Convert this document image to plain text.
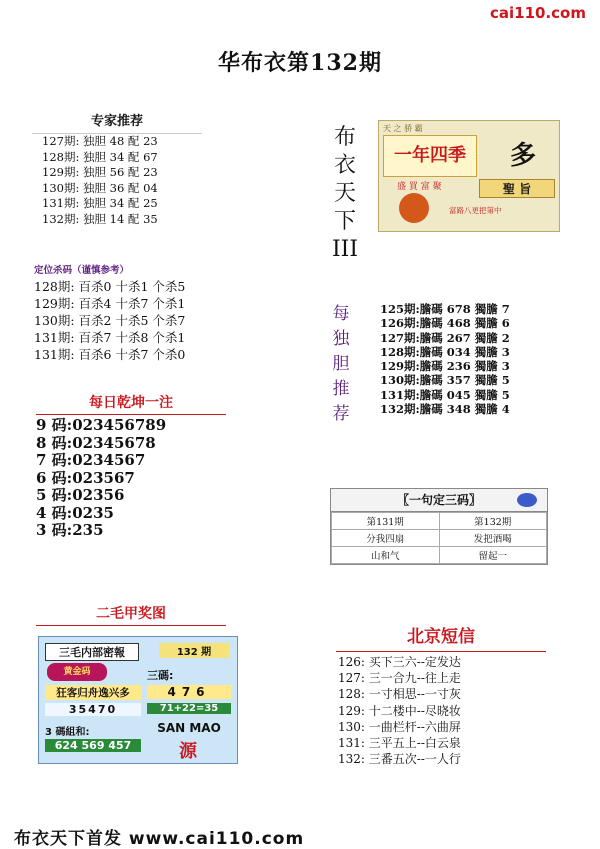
cai110.com
华布衣第132期
专家推荐
127期: 独胆 48 配 23
128期: 独胆 34 配 67
129期: 独胆 56 配 23
130期: 独胆 36 配 04
131期: 独胆 34 配 25
132期: 独胆 14 配 35
定位杀码（谨慎参考）
128期: 百杀0 十杀1 个杀5
129期: 百杀4 十杀7 个杀1
130期: 百杀2 十杀5 个杀7
131期: 百杀7 十杀8 个杀1
131期: 百杀6 十杀7 个杀0
每日乾坤一注
9 码:023456789
8 码:02345678
7 码:0234567
6 码:023567
5 码:02356
4 码:0235
3 码:235
布
衣
天
下
III
天 之 骄 霸
一年四季	多
盛 買 富 聚	聖 旨
富路八更把第中
每
独
胆
推
荐
125期:膽碼 678 獨膽 7
126期:膽碼 468 獨膽 6
127期:膽碼 267 獨膽 2
128期:膽碼 034 獨膽 3
129期:膽碼 236 獨膽 3
130期:膽碼 357 獨膽 5
131期:膽碼 045 獨膽 5
132期:膽碼 348 獨膽 4
〖一句定三码〗
第131期	第132期
分我四扇	发把酒喝
山和气	留起一
二毛甲奖图
三毛内部密報
黄金码
狂客归舟逸兴多
35470
3 碼組和:
624 569 457
132 期
三碼:
476
71+22=35
SAN MAO
源
北京短信
126: 买下三六--定发达
127: 三一合九--往上走
128: 一寸相思--一寸灰
129: 十二楼中--尽晓妆
130: 一曲栏杆--六曲屏
131: 三平五上--白云泉
132: 三番五次--一人行
布衣天下首发 www.cai110.com
